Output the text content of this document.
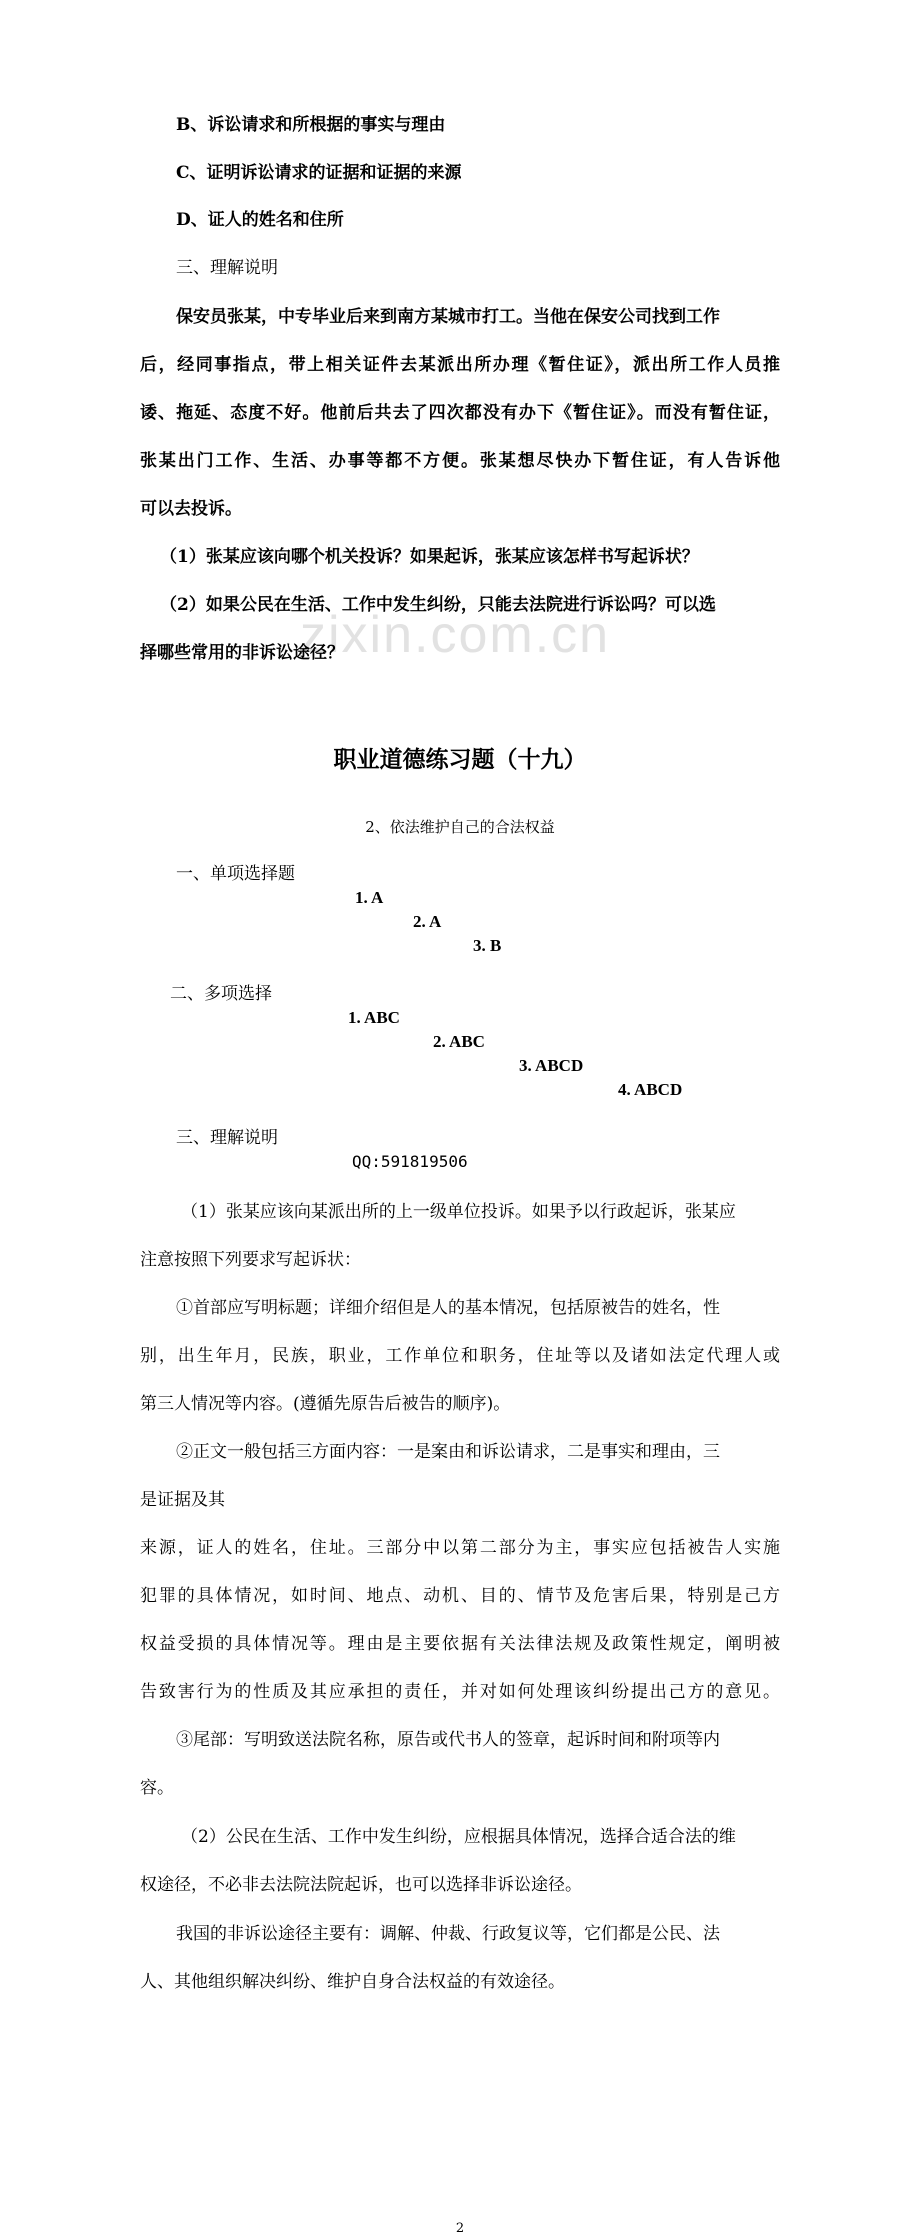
zixin.com.cn
B、诉讼请求和所根据的事实与理由
C、证明诉讼请求的证据和证据的来源
D、证人的姓名和住所
三、理解说明
保安员张某，中专毕业后来到南方某城市打工。当他在保安公司找到工作
后，经同事指点，带上相关证件去某派出所办理《暂住证》，派出所工作人员推
诿、拖延、态度不好。他前后共去了四次都没有办下《暂住证》。而没有暂住证，
张某出门工作、生活、办事等都不方便。张某想尽快办下暂住证，有人告诉他
可以去投诉。
（1）张某应该向哪个机关投诉？如果起诉，张某应该怎样书写起诉状？
（2）如果公民在生活、工作中发生纠纷，只能去法院进行诉讼吗？可以选
择哪些常用的非诉讼途径？
职业道德练习题（十九）
2、依法维护自己的合法权益
一、单项选择题
1. A
2. A
3. B
二、多项选择
1. ABC
2. ABC
3. ABCD
4. ABCD
三、理解说明
QQ:591819506
（1）张某应该向某派出所的上一级单位投诉。如果予以行政起诉，张某应
注意按照下列要求写起诉状：
①首部应写明标题；详细介绍但是人的基本情况，包括原被告的姓名，性
别，出生年月，民族，职业，工作单位和职务，住址等以及诸如法定代理人或
第三人情况等内容。(遵循先原告后被告的顺序)。
②正文一般包括三方面内容：一是案由和诉讼请求，二是事实和理由，三
是证据及其
来源，证人的姓名，住址。三部分中以第二部分为主，事实应包括被告人实施
犯罪的具体情况，如时间、地点、动机、目的、情节及危害后果，特别是己方
权益受损的具体情况等。理由是主要依据有关法律法规及政策性规定，阐明被
告致害行为的性质及其应承担的责任，并对如何处理该纠纷提出己方的意见。
③尾部：写明致送法院名称，原告或代书人的签章，起诉时间和附项等内
容。
（2）公民在生活、工作中发生纠纷，应根据具体情况，选择合适合法的维
权途径，不必非去法院法院起诉，也可以选择非诉讼途径。
我国的非诉讼途径主要有：调解、仲裁、行政复议等，它们都是公民、法
人、其他组织解决纠纷、维护自身合法权益的有效途径。
2
